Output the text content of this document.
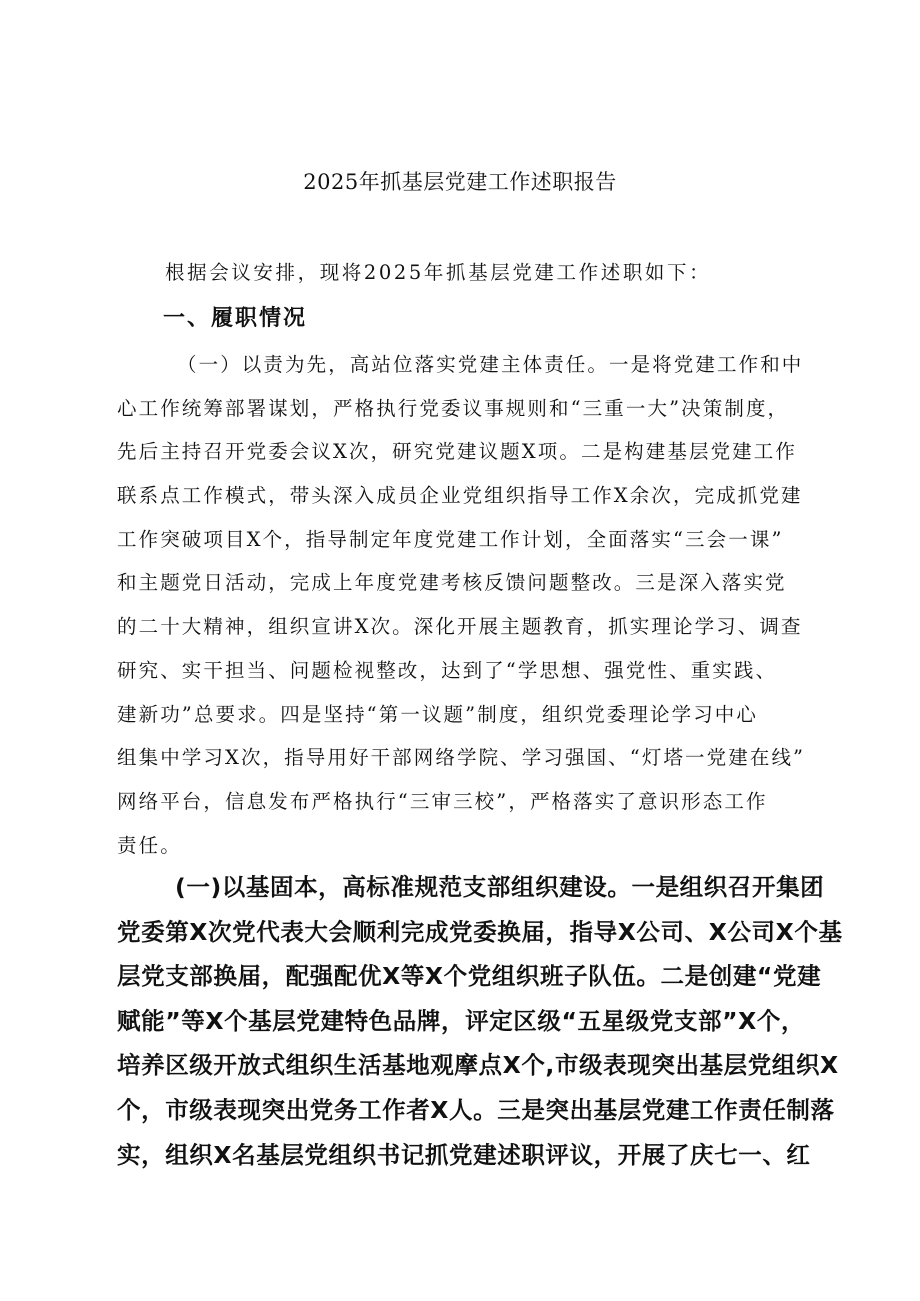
2025年抓基层党建工作述职报告
根据会议安排，现将2025年抓基层党建工作述职如下：
一、履职情况
（一）以责为先，高站位落实党建主体责任。一是将党建工作和中
心工作统筹部署谋划，严格执行党委议事规则和“三重一大”决策制度，
先后主持召开党委会议X次，研究党建议题X项。二是构建基层党建工作
联系点工作模式，带头深入成员企业党组织指导工作X余次，完成抓党建
工作突破项目X个，指导制定年度党建工作计划，全面落实“三会一课”
和主题党日活动，完成上年度党建考核反馈问题整改。三是深入落实党
的二十大精神，组织宣讲X次。深化开展主题教育，抓实理论学习、调查
研究、实干担当、问题检视整改，达到了“学思想、强党性、重实践、
建新功”总要求。四是坚持“第一议题”制度，组织党委理论学习中心
组集中学习X次，指导用好干部网络学院、学习强国、“灯塔一党建在线”
网络平台，信息发布严格执行“三审三校”，严格落实了意识形态工作
责任。
(一)以基固本，高标准规范支部组织建设。一是组织召开集团
党委第X次党代表大会顺利完成党委换届，指导X公司、X公司X个基
层党支部换届，配强配优X等X个党组织班子队伍。二是创建“党建
赋能”等X个基层党建特色品牌，评定区级“五星级党支部”X个，
培养区级开放式组织生活基地观摩点X个,市级表现突出基层党组织X
个，市级表现突出党务工作者X人。三是突出基层党建工作责任制落
实，组织X名基层党组织书记抓党建述职评议，开展了庆七一、红
